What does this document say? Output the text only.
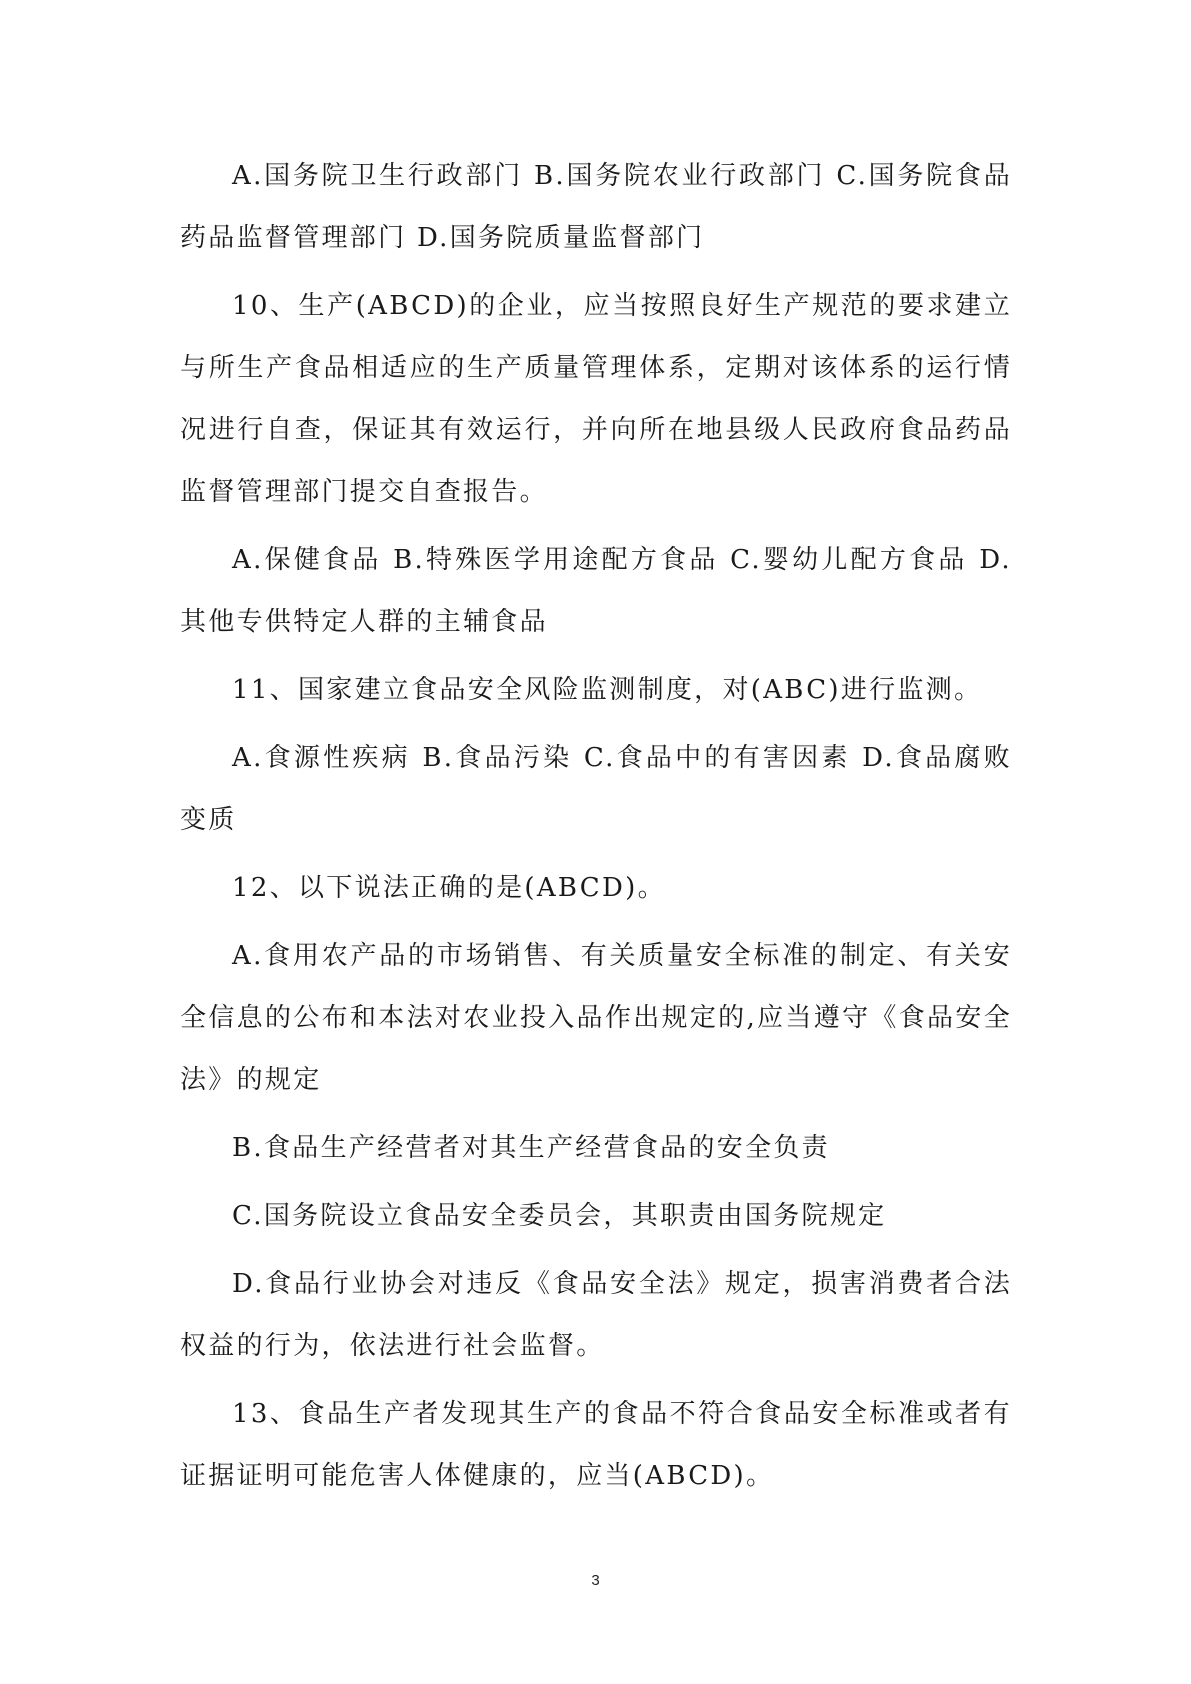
A.国务院卫生行政部门 B.国务院农业行政部门 C.国务院食品药品监督管理部门 D.国务院质量监督部门

10、生产(ABCD)的企业，应当按照良好生产规范的要求建立与所生产食品相适应的生产质量管理体系，定期对该体系的运行情况进行自查，保证其有效运行，并向所在地县级人民政府食品药品监督管理部门提交自查报告。

A.保健食品 B.特殊医学用途配方食品 C.婴幼儿配方食品 D.其他专供特定人群的主辅食品

11、国家建立食品安全风险监测制度，对(ABC)进行监测。

A.食源性疾病 B.食品污染 C.食品中的有害因素 D.食品腐败变质

12、以下说法正确的是(ABCD)。

A.食用农产品的市场销售、有关质量安全标准的制定、有关安全信息的公布和本法对农业投入品作出规定的,应当遵守《食品安全法》的规定

B.食品生产经营者对其生产经营食品的安全负责

C.国务院设立食品安全委员会，其职责由国务院规定

D.食品行业协会对违反《食品安全法》规定，损害消费者合法权益的行为，依法进行社会监督。

13、食品生产者发现其生产的食品不符合食品安全标准或者有证据证明可能危害人体健康的，应当(ABCD)。

3
